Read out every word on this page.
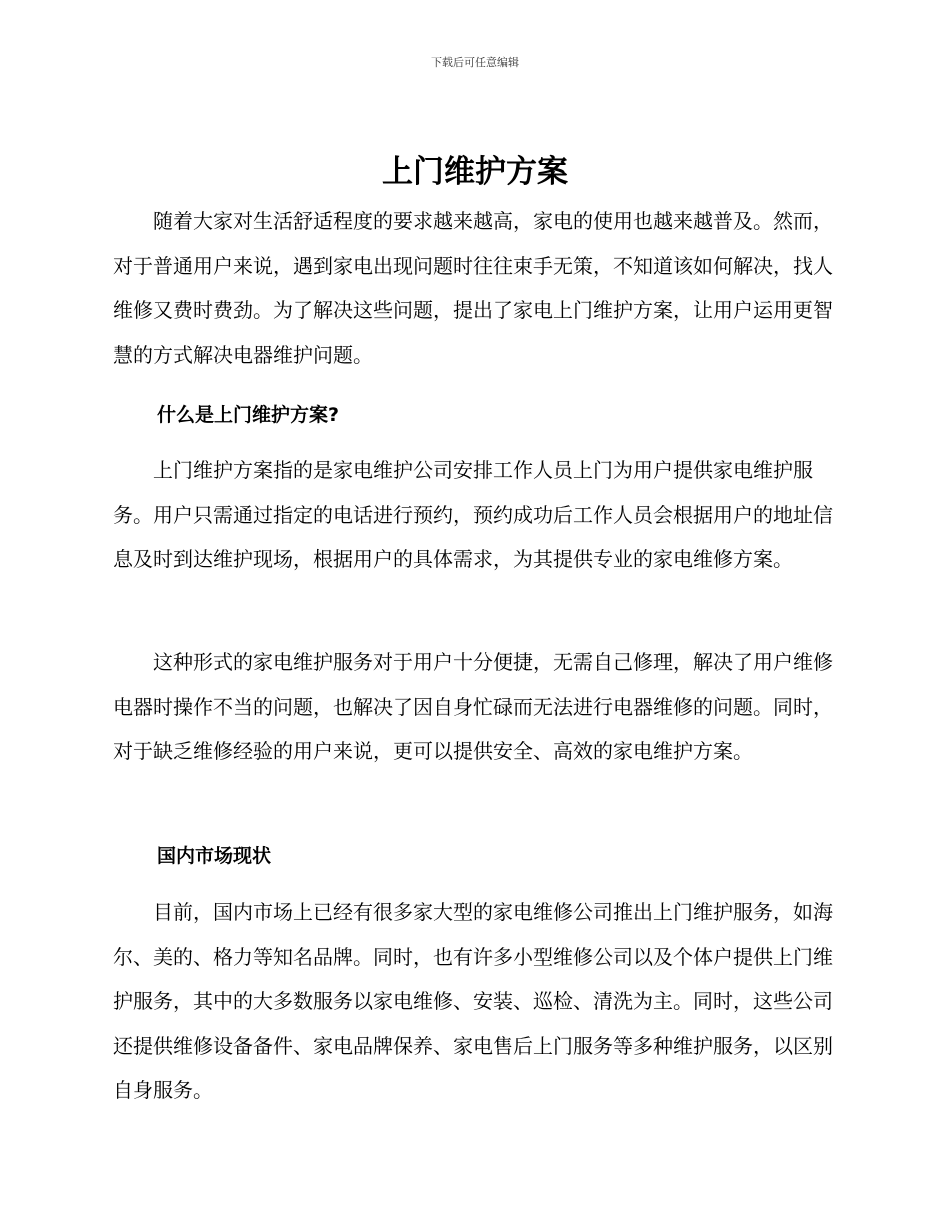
下载后可任意编辑
上门维护方案

随着大家对生活舒适程度的要求越来越高，家电的使用也越来越普及。然而，对于普通用户来说，遇到家电出现问题时往往束手无策，不知道该如何解决，找人维修又费时费劲。为了解决这些问题，提出了家电上门维护方案，让用户运用更智慧的方式解决电器维护问题。

什么是上门维护方案?

上门维护方案指的是家电维护公司安排工作人员上门为用户提供家电维护服务。用户只需通过指定的电话进行预约，预约成功后工作人员会根据用户的地址信息及时到达维护现场，根据用户的具体需求，为其提供专业的家电维修方案。

这种形式的家电维护服务对于用户十分便捷，无需自己修理，解决了用户维修电器时操作不当的问题，也解决了因自身忙碌而无法进行电器维修的问题。同时，对于缺乏维修经验的用户来说，更可以提供安全、高效的家电维护方案。

国内市场现状

目前，国内市场上已经有很多家大型的家电维修公司推出上门维护服务，如海尔、美的、格力等知名品牌。同时，也有许多小型维修公司以及个体户提供上门维护服务，其中的大多数服务以家电维修、安装、巡检、清洗为主。同时，这些公司还提供维修设备备件、家电品牌保养、家电售后上门服务等多种维护服务，以区别自身服务。
